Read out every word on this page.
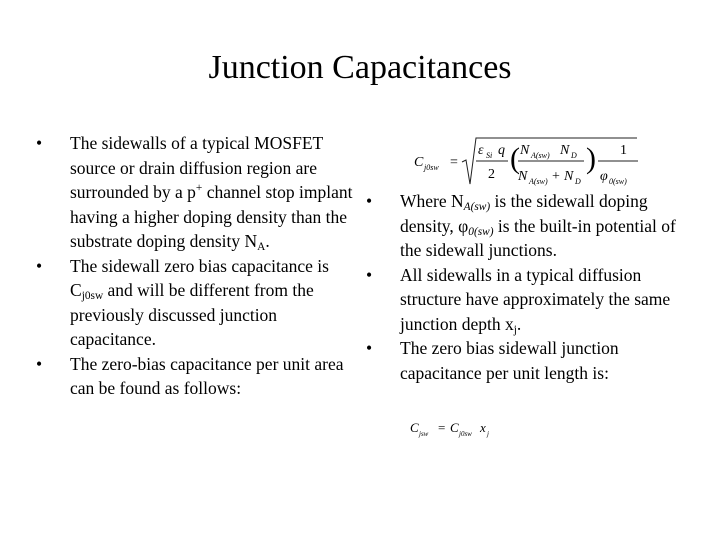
Junction Capacitances
•	The sidewalls of a typical MOSFET source or drain diffusion region are surrounded by a p+ channel stop implant having a higher doping density than the substrate doping density $N_A$.
•	The sidewall zero bias capacitance is $C_{j0sw}$ and will be different from the previously discussed junction capacitance.
•	The zero-bias capacitance per unit area can be found as follows:
C j0sw =
ε Si q
2 ( N A(sw) N D
N A(sw) + N D
) 1
φ 0(sw)
•	Where $N_{A(sw)}$ is the sidewall doping density, $\varphi_{0(sw)}$ is the built-in potential of the sidewall junctions.
•	All sidewalls in a typical diffusion structure have approximately the same junction depth $x_j$.
•	The zero bias sidewall junction capacitance per unit length is:
C jsw = C j0sw x j
